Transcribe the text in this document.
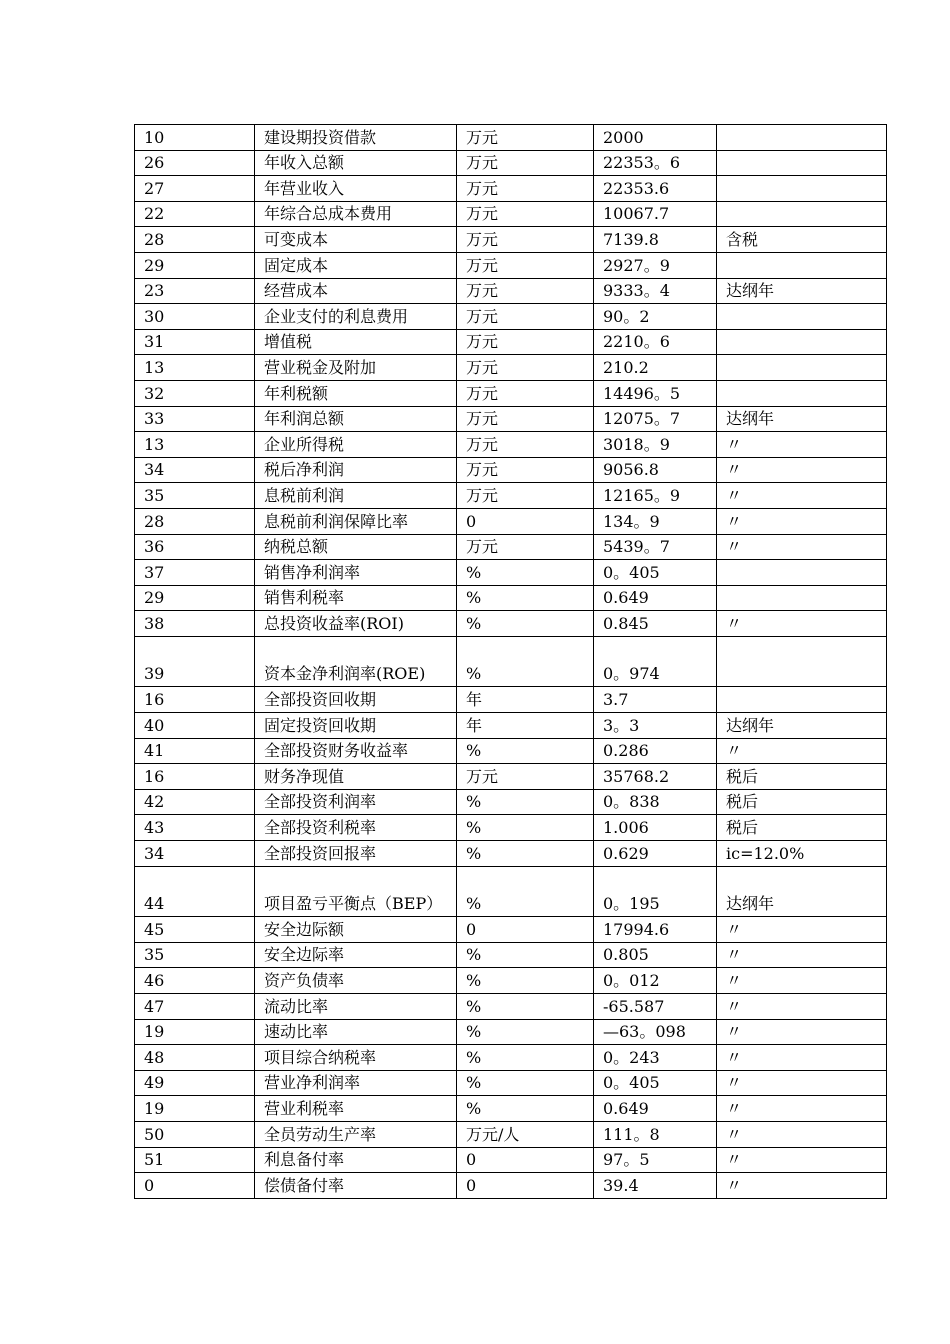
10	建设期投资借款	万元	2000	
26	年收入总额	万元	22353。6	
27	年营业收入	万元	22353.6	
22	年综合总成本费用	万元	10067.7	
28	可变成本	万元	7139.8	含税
29	固定成本	万元	2927。9	
23	经营成本	万元	9333。4	达纲年
30	企业支付的利息费用	万元	90。2	
31	增值税	万元	2210。6	
13	营业税金及附加	万元	210.2	
32	年利税额	万元	14496。5	
33	年利润总额	万元	12075。7	达纲年
13	企业所得税	万元	3018。9	〃
34	税后净利润	万元	9056.8	〃
35	息税前利润	万元	12165。9	〃
28	息税前利润保障比率	0	134。9	〃
36	纳税总额	万元	5439。7	〃
37	销售净利润率	%	0。405	
29	销售利税率	%	0.649	
38	总投资收益率(ROI)	%	0.845	〃
39	资本金净利润率(ROE)	%	0。974	
16	全部投资回收期	年	3.7	
40	固定投资回收期	年	3。3	达纲年
41	全部投资财务收益率	%	0.286	〃
16	财务净现值	万元	35768.2	税后
42	全部投资利润率	%	0。838	税后
43	全部投资利税率	%	1.006	税后
34	全部投资回报率	%	0.629	ic=12.0%
44	项目盈亏平衡点（BEP）	%	0。195	达纲年
45	安全边际额	0	17994.6	〃
35	安全边际率	%	0.805	〃
46	资产负债率	%	0。012	〃
47	流动比率	%	-65.587	〃
19	速动比率	%	—63。098	〃
48	项目综合纳税率	%	0。243	〃
49	营业净利润率	%	0。405	〃
19	营业利税率	%	0.649	〃
50	全员劳动生产率	万元/人	111。8	〃
51	利息备付率	0	97。5	〃
0	偿债备付率	0	39.4	〃
